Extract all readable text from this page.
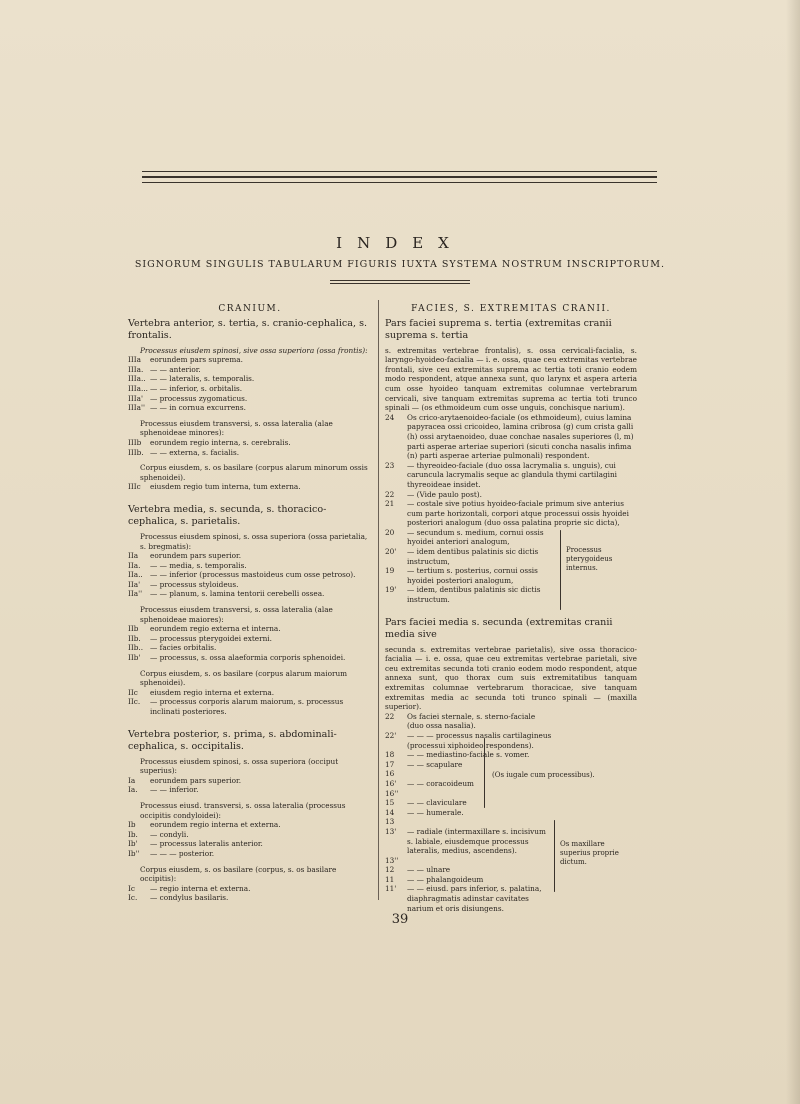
INDEX
SIGNORUM SINGULIS TABULARUM FIGURIS IUXTA SYSTEMA NOSTRUM INSCRIPTORUM.
CRANIUM.
Vertebra anterior, s. tertia, s. cranio-cephalica, s. frontalis.
Processus eiusdem spinosi, sive ossa superiora (ossa frontis):
IIIa	eorundem pars suprema.
IIIa. — — anterior.
IIIa.. — — lateralis, s. temporalis.
IIIa... — — inferior, s. orbitalis.
IIIa' — processus zygomaticus.
IIIa'' — — in cornua excurrens.
Processus eiusdem transversi, s. ossa lateralia (alae sphenoideae minores):
IIIb	eorundem regio interna, s. cerebralis.
IIIb. — — externa, s. facialis.
Corpus eiusdem, s. os basilare (corpus alarum minorum ossis sphenoidei).
IIIc	eiusdem regio tum interna, tum externa.
Vertebra media, s. secunda, s. thoracico-cephalica, s. parietalis.
Processus eiusdem spinosi, s. ossa superiora (ossa parietalia, s. bregmatis):
IIa	eorundem pars superior.
IIa.	— — media, s. temporalis.
IIa.. — — inferior (processus mastoideus cum osse petroso).
IIa'	— processus styloideus.
IIa''	— — planum, s. lamina tentorii cerebelli ossea.
Processus eiusdem transversi, s. ossa lateralia (alae sphenoideae maiores):
IIb	eorundem regio externa et interna.
IIb.	— processus pterygoidei externi.
IIb.. — facies orbitalis.
IIb'	— processus, s. ossa alaeformia corporis sphenoidei.
Corpus eiusdem, s. os basilare (corpus alarum maiorum sphenoidei).
IIc	eiusdem regio interna et externa.
IIc.	— processus corporis alarum maiorum, s. processus inclinati posteriores.
Vertebra posterior, s. prima, s. abdominali-cephalica, s. occipitalis.
Processus eiusdem spinosi, s. ossa superiora (occiput superius):
Ia	eorundem pars superior.
Ia.	— — inferior.
Processus eiusd. transversi, s. ossa lateralia (processus occipitis condyloidei):
Ib	eorundem regio interna et externa.
Ib.	— condyli.
Ib'	— processus lateralis anterior.
Ib''	— — — posterior.
Corpus eiusdem, s. os basilare (corpus, s. os basilare occipitis):
Ic	— regio interna et externa.
Ic.	— condylus basilaris.
FACIES, S. EXTREMITAS CRANII.
Pars faciei suprema s. tertia (extremitas cranii suprema s. tertia
s. extremitas vertebrae frontalis), s. ossa cervicali-facialia, s. laryngo-hyoideo-facialia — i. e. ossa, quae ceu extremitas vertebrae frontali, sive ceu extremitas suprema ac tertia toti cranio eodem modo respondent, atque annexa sunt, quo larynx et aspera arteria cum osse hyoideo tanquam extremitas columnae vertebrarum cervicali, sive tanquam extremitas suprema ac tertia toti trunco spinali — (os ethmoideum cum osse unguis, conchisque narium).
24	Os crico-arytaenoideo-faciale (os ethmoideum), cuius lamina papyracea ossi cricoideo, lamina cribrosa (g) cum crista galli (h) ossi arytaenoideo, duae conchae nasales superiores (l, m) parti asperae arteriae superiori (sicuti concha nasalis infima (n) parti asperae arteriae pulmonali) respondent.
23	— thyreoideo-faciale (duo ossa lacrymalia s. unguis), cui caruncula lacrymalis seque ac glandula thymi cartilagini thyreoideae insidet.
22	— (Vide paulo post).
21	— costale sive potius hyoideo-faciale primum sive anterius cum parte horizontali, corpori atque processui ossis hyoidei posteriori analogum (duo ossa palatina proprie sic dicta),
20	— secundum s. medium, cornui ossis hyoidei anteriori analogum,
20'	— idem dentibus palatinis sic dictis instructum,
19	— tertium s. posterius, cornui ossis hyoidei posteriori analogum,
19'	— idem, dentibus palatinis sic dictis instructum.
Pars faciei media s. secunda (extremitas cranii media sive
secunda s. extremitas vertebrae parietalis), sive ossa thoracico-facialia — i. e. ossa, quae ceu extremitas vertebrae parietali, sive ceu extremitas secunda toti cranio eodem modo respondent, atque annexa sunt, quo thorax cum suis extremitatibus tanquam extremitas columnae vertebrarum thoracicae, sive tanquam extremitas media ac secunda toti trunco spinali — (maxilla superior).
22	Os faciei sternale, s. sterno-faciale (duo ossa nasalia).
22'	— — — processus nasalis cartilagineus (processui xiphoideo respondens).
18	— — mediastino-faciale s. vomer.
17	— — scapulare
16
16'	— — coracoideum
16''
15	— — claviculare
14	— — humerale.
13
13'	— radiale (intermaxillare s. incisivum s. labiale, eiusdemque processus lateralis, medius, ascendens).
13''
12	— — ulnare
11	— — phalangoideum
11'	— — eiusd. pars inferior, s. palatina, diaphragmatis adinstar cavitates narium et oris disiungens.
Processus pterygoideus internus.
(Os iugale cum processibus).
Os maxillare superius proprie dictum.
39
